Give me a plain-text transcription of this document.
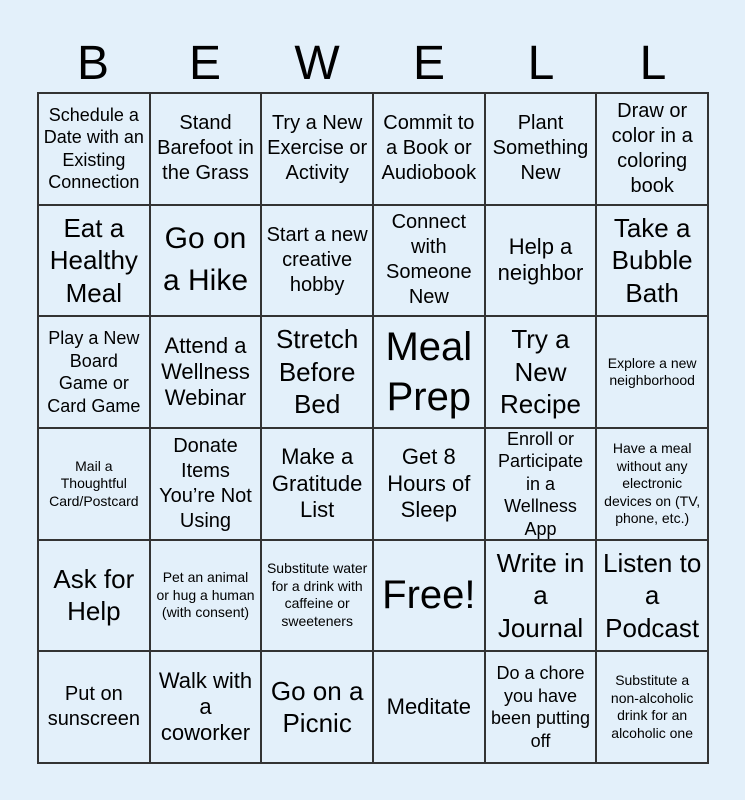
B	E	W	E	L	L
Schedule a Date with an Existing Connection
Stand Barefoot in the Grass
Try a New Exercise or Activity
Commit to a Book or Audiobook
Plant Something New
Draw or color in a coloring book
Eat a Healthy Meal
Go on a Hike
Start a new creative hobby
Connect with Someone New
Help a neighbor
Take a Bubble Bath
Play a New Board Game or Card Game
Attend a Wellness Webinar
Stretch Before Bed
Meal Prep
Try a New Recipe
Explore a new neighborhood
Mail a Thoughtful Card/Postcard
Donate Items You’re Not Using
Make a Gratitude List
Get 8 Hours of Sleep
Enroll or Participate in a Wellness App
Have a meal without any electronic devices on (TV, phone, etc.)
Ask for Help
Pet an animal or hug a human (with consent)
Substitute water for a drink with caffeine or sweeteners
Free!
Write in a Journal
Listen to a Podcast
Put on sunscreen
Walk with a coworker
Go on a Picnic
Meditate
Do a chore you have been putting off
Substitute a non-alcoholic drink for an alcoholic one
